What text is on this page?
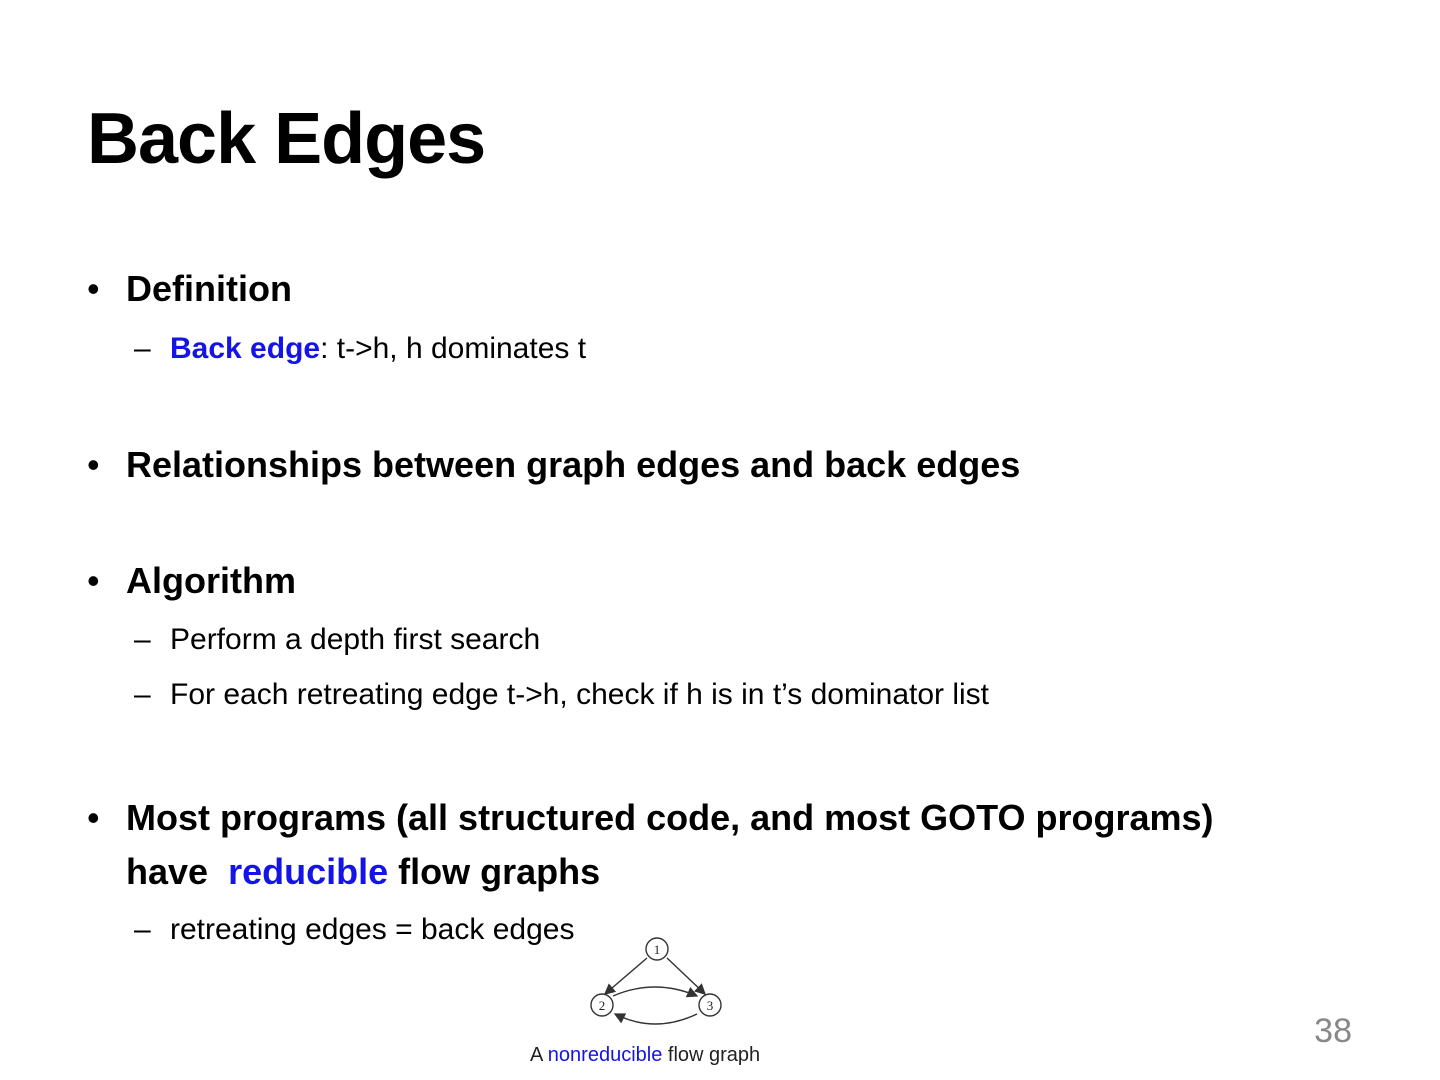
Back Edges
• Definition
– Back edge: t->h, h dominates t
• Relationships between graph edges and back edges
• Algorithm
– Perform a depth first search
– For each retreating edge t->h, check if h is in t’s dominator list
• Most programs (all structured code, and most GOTO programs)
have  reducible flow graphs
– retreating edges = back edges
1
2	3
A nonreducible flow graph
38
